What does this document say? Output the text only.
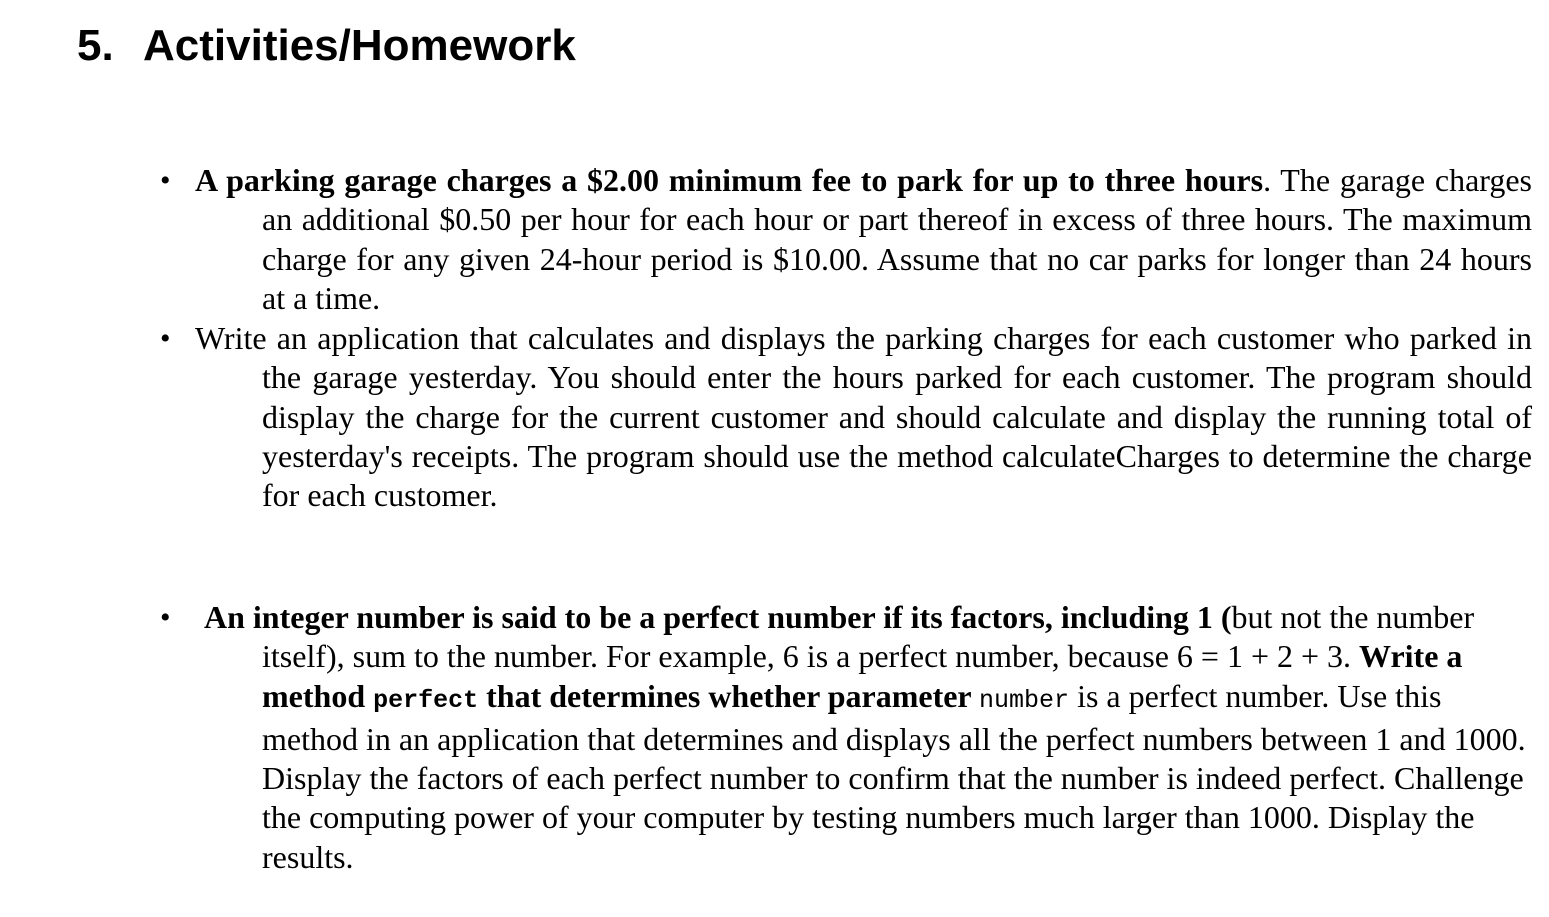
5. Activities/Homework
• A parking garage charges a $2.00 minimum fee to park for up to three hours. The garage charges an additional $0.50 per hour for each hour or part thereof in excess of three hours. The maximum charge for any given 24-hour period is $10.00. Assume that no car parks for longer than 24 hours at a time.
• Write an application that calculates and displays the parking charges for each customer who parked in the garage yesterday. You should enter the hours parked for each customer. The program should display the charge for the current customer and should calculate and display the running total of yesterday's receipts. The program should use the method calculateCharges to determine the charge for each customer.
•	An integer number is said to be a perfect number if its factors, including 1 (but not the number itself), sum to the number. For example, 6 is a perfect number, because 6 = 1 + 2 + 3. Write a method perfect that determines whether parameter number is a perfect number. Use this method in an application that determines and displays all the perfect numbers between 1 and 1000. Display the factors of each perfect number to confirm that the number is indeed perfect. Challenge the computing power of your computer by testing numbers much larger than 1000. Display the results.
